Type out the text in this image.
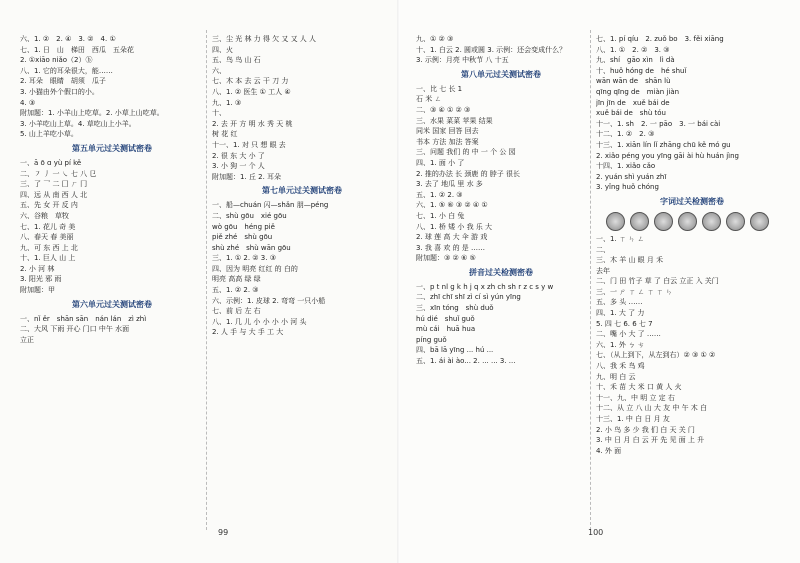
六、1. ②　2. ④　3. ②　4. ①
七、1. 日　山　梯田　西瓜　五朵花
2. ①xiāo niǎo（2）ⓑ
八、1. 它的耳朵很大，能……
2. 耳朵　眼睛　胡须　瓜子
3. 小猫由外个假口的小。
4. ③
附加题：1. 小羊山上吃草。2. 小草上山吃草。
3. 小羊吃山上草。4. 草吃山上小羊。
5. 山上羊吃小草。
第五单元过关测试密卷
一、ā ō ɑ yù pí kě
二、㇇ 丿 一 ㇏ 七 八 㔾
三、了 乛 二 囗 ㄏ 冂
四、远 从 南 西 人 北
五、先 女 开 反 内
六、谷粮　草牧
七、1. 花儿 奇 美
八、春天 春 美丽
九、可 东 西 上 北
十、1. 巨人 山 上
2. 小 河 林
3. 阳光 邪 雨
附加题：甲
第六单元过关测试密卷
一、nǐ ěr　shān sān　nán lán　zì zhì
二、大风 下雨 开心 门口 中午 水面
立正
三、尘 光 林 力 得 欠 又 又 人 人
四、火
五、鸟 鸟 山 石
六、
七、木 本 去 云 干 刀 力
八、1. ② 医生 ① 工人 ④
九、1. ③
十、
2. 去 开 方 明 水 秀 天 桃
树 花 红
十一、1. 对 只 想 眼 去
2. 很 东 大 小 了
3. 小 狗 一 个 人
附加题：1. 丘 2. 耳朵
第七单元过关测试密卷
一、船—chuán 闪—shǎn 朋—péng
二、shù gōu　xié gōu
wò gōu　héng piě
piě zhé　shù gōu
shù zhé　shù wān gōu
三、1. ① 2. ② 3. ③
四、因为 明亮 红红 的 白的
明亮 高高 绿 绿
五、1. ② 2. ③
六、示例：1. 皮球 2. 弯弯 一只小船
七、前 后 左 右
八、1. 几 儿 小 小 小 小 河 头
2. 人 手 与 大 手 工 大
99
九、① ② ③
十、1. 白云 2. 圆或圆 3. 示例：还会变成什么？
3. 示例：月亮 中秋节 八 十五
第八单元过关测试密卷
一、比 七 长 1
石 米 ㄥ
二、③ ④ ① ② ③
三、水果 菜菜 苹果 结果
同米 国家 回答 回去
书本 方法 加法 答案
三、问题 我们 的 中 一 个 公 园
四、1. 面 小 了
2. 推的办法 长 颈鹿 的 脖子 很长
3. 去了 地瓜 里 水 多
五、1. ② 2. ③
六、1. ⑤ ⑥ ③ ② ④ ①
七、1. 小 白 兔
八、1. 桥 矮 小 我 乐 大
2. 球 莲 高 大 伞 游 戏
3. 我 喜 欢 的 是 ……
附加题：③ ② ⑥ ⑤
拼音过关检测密卷
一、p t nl ɡ k h j q x zh ch sh r z c s y w
二、zhī chī shī zì cí sì yún yīng
三、xīn tóng　shù duǒ
hú dié　shuǐ guǒ
mù cái　huā hua
píng guǒ
四、bā lā yīng ... hú ...
五、1. ái ài ào... 2. ... ... 3. ...
七、1. pí qíu　2. zuǒ bo　3. fěi xiāng
八、1. ①　2. ②　3. ③
九、shí　gāo xìn　lì dà
十、huǒ hóng de　hé shuǐ
wān wān de　shān lù
qīng qīng de　miàn jiàn
jīn jīn de　xuě bái de
xuě bái de　shù tóu
十一、1. sh　2. 一 pāo　3. 一 bái cài
十二、1. ②　2. ③
十三、1. xiān lín lǐ zhāng chū kě mó gu
2. xiǎo péng you yīng gāi ài hù huán jìng
十四、1. xiǎo cǎo
2. yuán shì yuán zhī
3. yǐng huǒ chóng
字词过关检测密卷
一、1. ㄒ ㄣ ㄥ
二、
三、木 羊 山 眼 月 禾
去年
二、门 田 竹子 草 了 白云 立正 入 关门
三、一 ㄕ ㄒ ㄥ ㄒ ㄒ ㄣ
五、多 头 ……
四、1. 大 了 力
5. 四 七 6. 6 七 7
二、嘴 小 大 了 ……
六、1. 外 ㄅ ㄘ
七、（从上到下，从左到右）② ③ ① ②
八、我 禾 鸟 鸡
九、明 白 云
十、禾 苗 大 米 口 黄 人 火
十一、九、中 明 立 定 右
十二、从 立 八 山 大 友 中 午 木 白
十三、1. 中 白 日 月 友
2. 小 鸟 多 少 我 们 白 天 关 门
3. 中 日 月 白 云 开 先 见 面 上 升
4. 外 面
100
